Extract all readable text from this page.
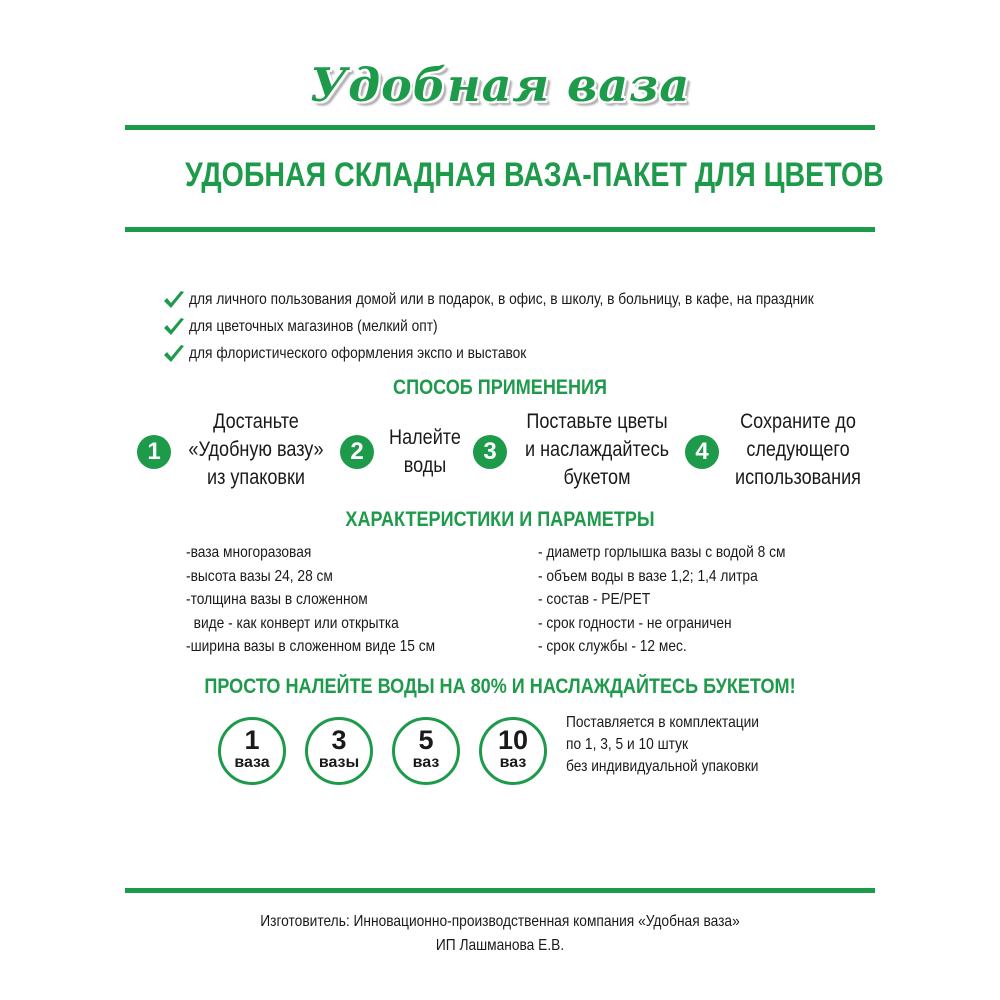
Удобная ваза
УДОБНАЯ СКЛАДНАЯ ВАЗА-ПАКЕТ ДЛЯ ЦВЕТОВ
для личного пользования домой или в подарок, в офис, в школу, в больницу, в кафе, на праздник
для цветочных магазинов (мелкий опт)
для флористического оформления экспо и выставок
СПОСОБ ПРИМЕНЕНИЯ
1
Достаньте
«Удобную вазу»
из упаковки
2
Налейте
воды
3
Поставьте цветы
и наслаждайтесь
букетом
4
Сохраните до
следующего
использования
ХАРАКТЕРИСТИКИ И ПАРАМЕТРЫ
-ваза многоразовая
-высота вазы 24, 28 см
-толщина вазы в сложенном
виде - как конверт или открытка
-ширина вазы в сложенном виде 15 см
- диаметр горлышка вазы с водой 8 см
- объем воды в вазе 1,2; 1,4 литра
- состав - PE/PET
- срок годности - не ограничен
- срок службы - 12 мес.
ПРОСТО НАЛЕЙТЕ ВОДЫ НА 80% И НАСЛАЖДАЙТЕСЬ БУКЕТОМ!
1
ваза
3
вазы
5
ваз
10
ваз
Поставляется в комплектации
по 1, 3, 5 и 10 штук
без индивидуальной упаковки
Изготовитель: Инновационно-производственная компания «Удобная ваза»
ИП Лашманова Е.В.
